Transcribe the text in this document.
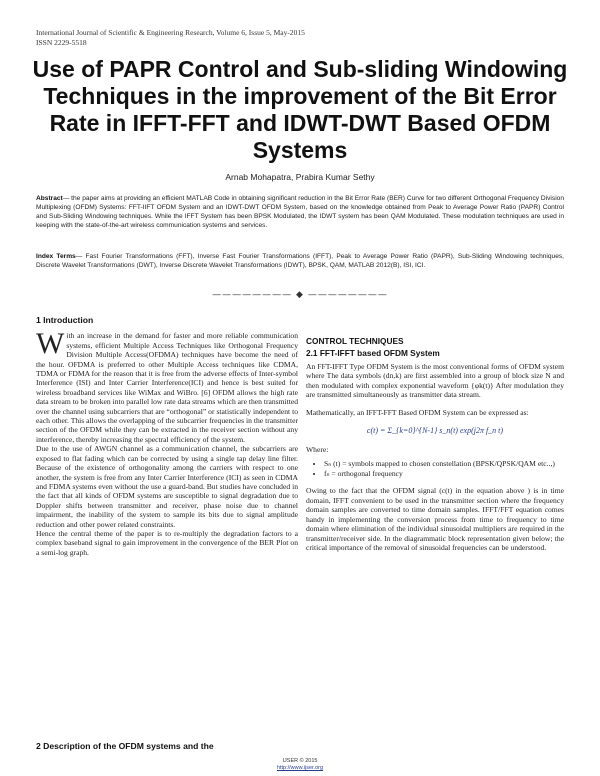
International Journal of Scientific & Engineering Research, Volume 6, Issue 5, May-2015
ISSN 2229-5518
Use of PAPR Control and Sub-sliding Windowing Techniques in the improvement of the Bit Error Rate in IFFT-FFT and IDWT-DWT Based OFDM Systems
Arnab Mohapatra, Prabira Kumar Sethy
Abstract— the paper aims at providing an efficient MATLAB Code in obtaining significant reduction in the Bit Error Rate (BER) Curve for two different Orthogonal Frequency Division Multiplexing (OFDM) Systems: FFT-IIFT OFDM System and an IDWT-DWT OFDM System, based on the knowledge obtained from Peak to Average Power Ratio (PAPR) Control and Sub-Sliding Windowing techniques. While the IFFT System has been BPSK Modulated, the IDWT system has been QAM Modulated. These modulation techniques are used in keeping with the state-of-the-art wireless communication systems and services.
Index Terms— Fast Fourier Transformations (FFT), Inverse Fast Fourier Transformations (IFFT), Peak to Average Power Ratio (PAPR), Sub-Sliding Windowing techniques, Discrete Wavelet Transformations (DWT), Inverse Discrete Wavelet Transformations (IDWT), BPSK, QAM, MATLAB 2012(B), ISI, ICI.
———————— ◆ ————————
1 Introduction

With an increase in the demand for faster and more reliable communication systems, efficient Multiple Access Techniques like Orthogonal Frequency Division Multiple Access(OFDMA) techniques have become the need of the hour. OFDMA is preferred to other Multiple Access techniques like CDMA, TDMA or FDMA for the reason that it is free from the adverse effects of Inter-symbol Interference (ISI) and Inter Carrier Interference(ICI) and hence is best suited for wireless broadband services like WiMax and WiBro. [6] OFDM allows the high rate data stream to be broken into parallel low rate data streams which are then transmitted over the channel using subcarriers that are “orthogonal” or statistically independent to each other. This allows the overlapping of the subcarrier frequencies in the transmitter section of the OFDM while they can be extracted in the receiver section without any interference, thereby increasing the spectral efficiency of the system.

Due to the use of AWGN channel as a communication channel, the subcarriers are exposed to flat fading which can be corrected by using a single tap delay line filter. Because of the existence of orthogonality among the carriers with respect to one another, the system is free from any Inter Carrier Interference (ICI) as seen in CDMA and FDMA systems even without the use a guard-band. But studies have concluded in the fact that all kinds of OFDM systems are susceptible to signal degradation due to Doppler shifts between transmitter and receiver, phase noise due to channel impairment, the inability of the system to sample its bits due to signal amplitude reduction and other power related constraints.

Hence the central theme of the paper is to re-multiply the degradation factors to a complex baseband signal to gain improvement in the convergence of the BER Plot on a semi-log graph.

2 Description of the OFDM systems and the
CONTROL TECHNIQUES
2.1 FFT-IFFT based OFDM System

An FFT-IFFT Type OFDM System is the most conventional forms of OFDM system where The data symbols (dn,k) are first assembled into a group of block size N and then modulated with complex exponential waveform {φk(t)} After modulation they are transmitted simultaneously as transmitter data stream.

Mathematically, an IFFT-FFT Based OFDM System can be expressed as:

c(t) = Σ_{k=0}^{N-1} s_n(t) exp(j2π f_n t)

Where:

• Sₙ (t) = symbols mapped to chosen constellation (BPSK/QPSK/QAM etc..,)
• fₙ = orthogonal frequency

Owing to the fact that the OFDM signal (c(t) in the equation above ) is in time domain, IFFT convenient to be used in the transmitter section where the frequency domain samples are converted to time domain samples. IFFT/FFT equation comes handy in implementing the conversion process from time to frequency to time domain where elimination of the individual sinusoidal multipliers are required in the transmitter/receiver side. In the diagrammatic block representation given below; the critical importance of the removal of sinusoidal frequencies can be understood.

IJSER © 2015
http://www.ijser.org
